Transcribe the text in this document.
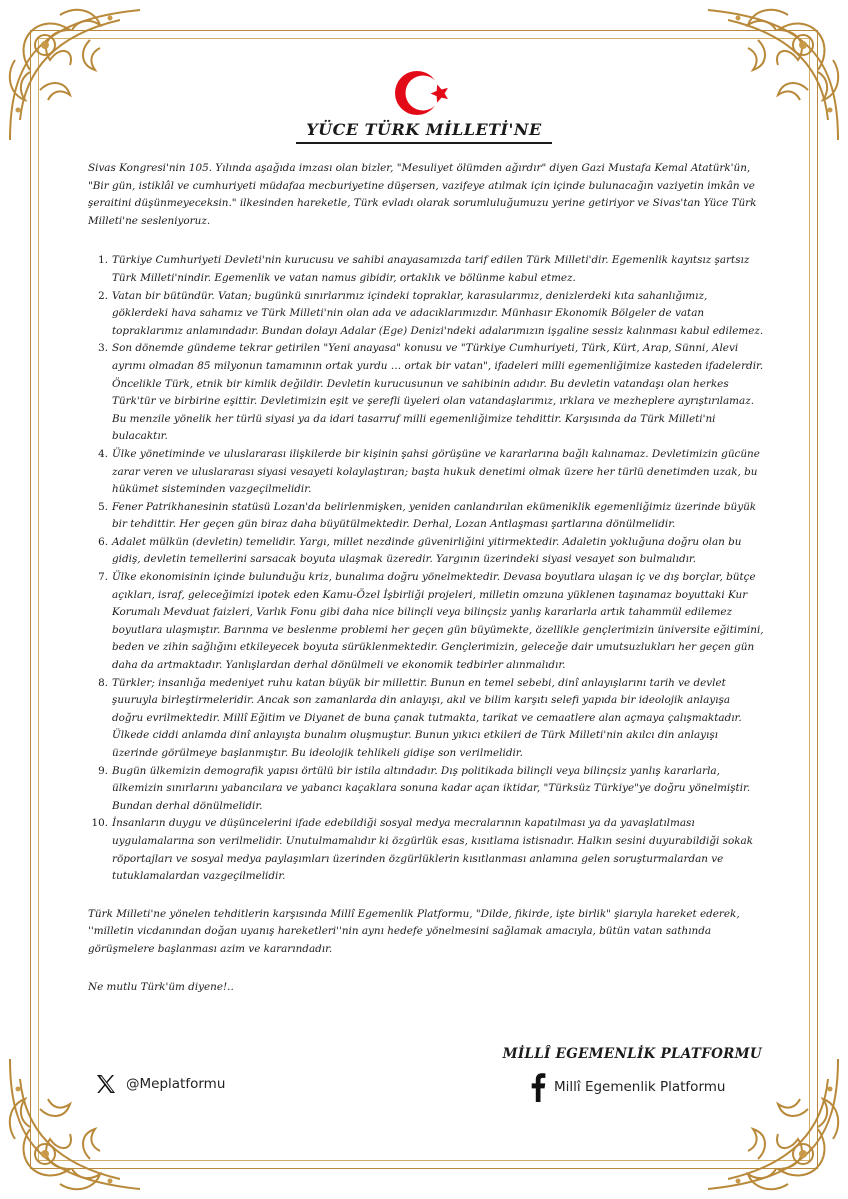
YÜCE TÜRK MİLLETİ'NE

Sivas Kongresi'nin 105. Yılında aşağıda imzası olan bizler, "Mesuliyet ölümden ağırdır" diyen Gazi Mustafa Kemal Atatürk'ün, "Bir gün, istiklâl ve cumhuriyeti müdafaa mecburiyetine düşersen, vazifeye atılmak için içinde bulunacağın vaziyetin imkân ve şeraitini düşünmeyeceksin." ilkesinden hareketle, Türk evladı olarak sorumluluğumuzu yerine getiriyor ve Sivas'tan Yüce Türk Milleti'ne sesleniyoruz.

1. Türkiye Cumhuriyeti Devleti'nin kurucusu ve sahibi anayasamızda tarif edilen Türk Milleti'dir. Egemenlik kayıtsız şartsız Türk Milleti'nindir. Egemenlik ve vatan namus gibidir, ortaklık ve bölünme kabul etmez.
2. Vatan bir bütündür. Vatan; bugünkü sınırlarımız içindeki topraklar, karasularımız, denizlerdeki kıta sahanlığımız, göklerdeki hava sahamız ve Türk Milleti'nin olan ada ve adacıklarımızdır. Münhasır Ekonomik Bölgeler de vatan topraklarımız anlamındadır. Bundan dolayı Adalar (Ege) Denizi'ndeki adalarımızın işgaline sessiz kalınması kabul edilemez.
3. Son dönemde gündeme tekrar getirilen "Yeni anayasa" konusu ve "Türkiye Cumhuriyeti, Türk, Kürt, Arap, Sünni, Alevi ayrımı olmadan 85 milyonun tamamının ortak yurdu … ortak bir vatan", ifadeleri milli egemenliğimize kasteden ifadelerdir. Öncelikle Türk, etnik bir kimlik değildir. Devletin kurucusunun ve sahibinin adıdır. Bu devletin vatandaşı olan herkes Türk'tür ve birbirine eşittir. Devletimizin eşit ve şerefli üyeleri olan vatandaşlarımız, ırklara ve mezheplere ayrıştırılamaz. Bu menzile yönelik her türlü siyasi ya da idari tasarruf milli egemenliğimize tehdittir. Karşısında da Türk Milleti'ni bulacaktır.
4. Ülke yönetiminde ve uluslararası ilişkilerde bir kişinin şahsi görüşüne ve kararlarına bağlı kalınamaz. Devletimizin gücüne zarar veren ve uluslararası siyasi vesayeti kolaylaştıran; başta hukuk denetimi olmak üzere her türlü denetimden uzak, bu hükümet sisteminden vazgeçilmelidir.
5. Fener Patrikhanesinin statüsü Lozan'da belirlenmişken, yeniden canlandırılan ekümeniklik egemenliğimiz üzerinde büyük bir tehdittir. Her geçen gün biraz daha büyütülmektedir. Derhal, Lozan Antlaşması şartlarına dönülmelidir.
6. Adalet mülkün (devletin) temelidir. Yargı, millet nezdinde güvenirliğini yitirmektedir. Adaletin yokluğuna doğru olan bu gidiş, devletin temellerini sarsacak boyuta ulaşmak üzeredir. Yargının üzerindeki siyasi vesayet son bulmalıdır.
7. Ülke ekonomisinin içinde bulunduğu kriz, bunalıma doğru yönelmektedir. Devasa boyutlara ulaşan iç ve dış borçlar, bütçe açıkları, israf, geleceğimizi ipotek eden Kamu-Özel İşbirliği projeleri, milletin omzuna yüklenen taşınamaz boyuttaki Kur Korumalı Mevduat faizleri, Varlık Fonu gibi daha nice bilinçli veya bilinçsiz yanlış kararlarla artık tahammül edilemez boyutlara ulaşmıştır. Barınma ve beslenme problemi her geçen gün büyümekte, özellikle gençlerimizin üniversite eğitimini, beden ve zihin sağlığını etkileyecek boyuta sürüklenmektedir. Gençlerimizin, geleceğe dair umutsuzlukları her geçen gün daha da artmaktadır. Yanlışlardan derhal dönülmeli ve ekonomik tedbirler alınmalıdır.
8. Türkler; insanlığa medeniyet ruhu katan büyük bir millettir. Bunun en temel sebebi, dinî anlayışlarını tarih ve devlet şuuruyla birleştirmeleridir. Ancak son zamanlarda din anlayışı, akıl ve bilim karşıtı selefi yapıda bir ideolojik anlayışa doğru evrilmektedir. Millî Eğitim ve Diyanet de buna çanak tutmakta, tarikat ve cemaatlere alan açmaya çalışmaktadır. Ülkede ciddi anlamda dinî anlayışta bunalım oluşmuştur. Bunun yıkıcı etkileri de Türk Milleti'nin akılcı din anlayışı üzerinde görülmeye başlanmıştır. Bu ideolojik tehlikeli gidişe son verilmelidir.
9. Bugün ülkemizin demografik yapısı örtülü bir istila altındadır. Dış politikada bilinçli veya bilinçsiz yanlış kararlarla, ülkemizin sınırlarını yabancılara ve yabancı kaçaklara sonuna kadar açan iktidar, "Türksüz Türkiye"ye doğru yönelmiştir. Bundan derhal dönülmelidir.
10. İnsanların duygu ve düşüncelerini ifade edebildiği sosyal medya mecralarının kapatılması ya da yavaşlatılması uygulamalarına son verilmelidir. Unutulmamalıdır ki özgürlük esas, kısıtlama istisnadır. Halkın sesini duyurabildiği sokak röportajları ve sosyal medya paylaşımları üzerinden özgürlüklerin kısıtlanması anlamına gelen soruşturmalardan ve tutuklamalardan vazgeçilmelidir.

Türk Milleti'ne yönelen tehditlerin karşısında Millî Egemenlik Platformu, "Dilde, fikirde, işte birlik" şiarıyla hareket ederek, ''milletin vicdanından doğan uyanış hareketleri''nin aynı hedefe yönelmesini sağlamak amacıyla, bütün vatan sathında görüşmelere başlanması azim ve kararındadır.

Ne mutlu Türk'üm diyene!..

MİLLÎ EGEMENLİK PLATFORMU
@Meplatformu	Millî Egemenlik Platformu
